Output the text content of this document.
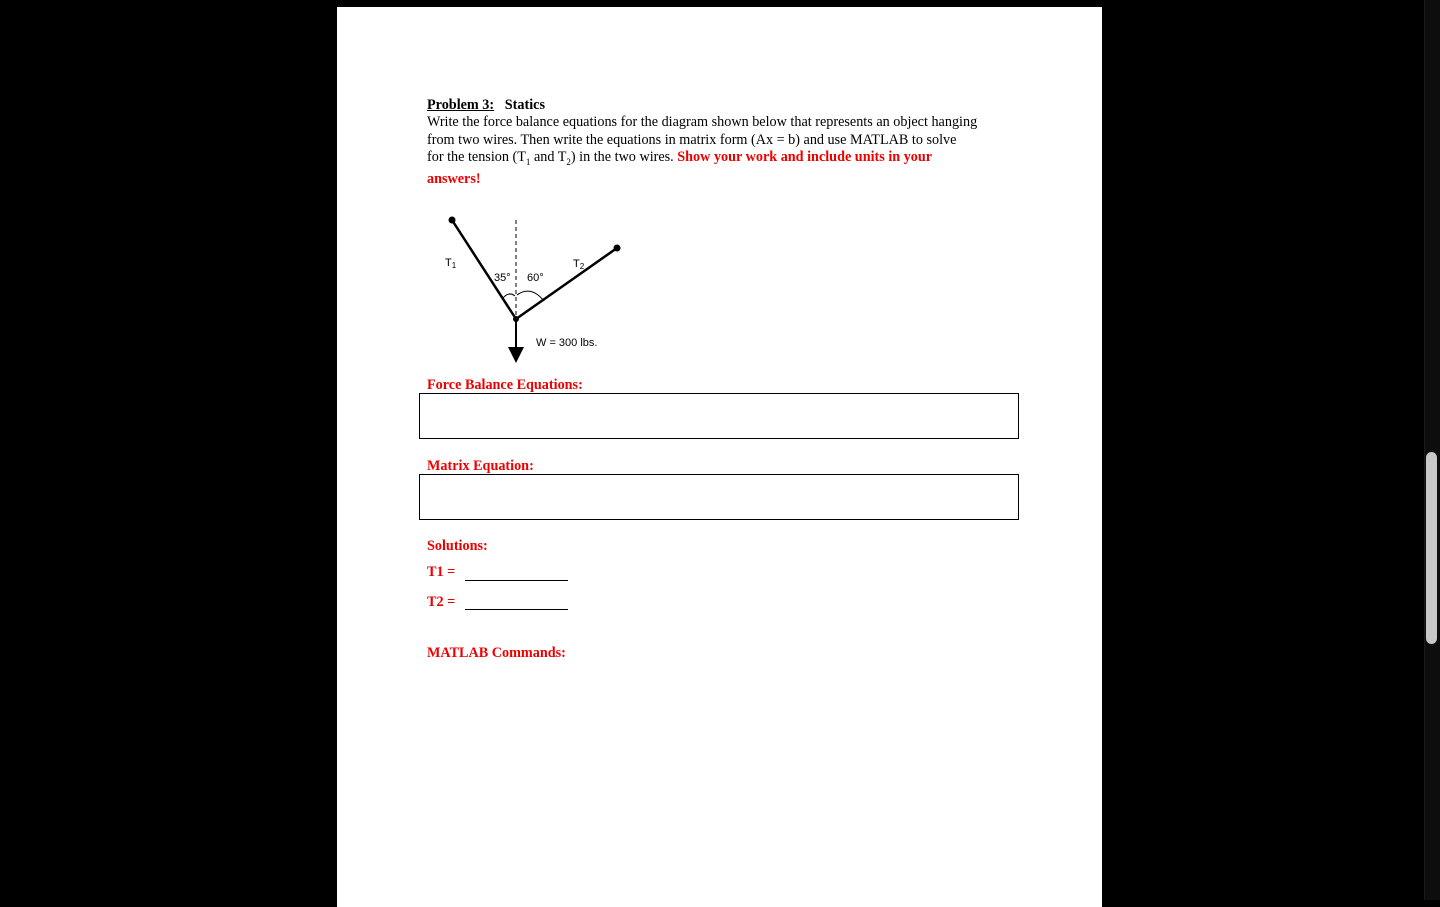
Problem 3: Statics
Write the force balance equations for the diagram shown below that represents an object hanging
from two wires. Then write the equations in matrix form (Ax = b) and use MATLAB to solve
for the tension ($T_1$ and $T_2$) in the two wires. Show your work and include units in your
answers!
T1	T2
35° 60°
W = 300 lbs.
Force Balance Equations:
Matrix Equation:
Solutions:
T1 =
T2 =
MATLAB Commands:
